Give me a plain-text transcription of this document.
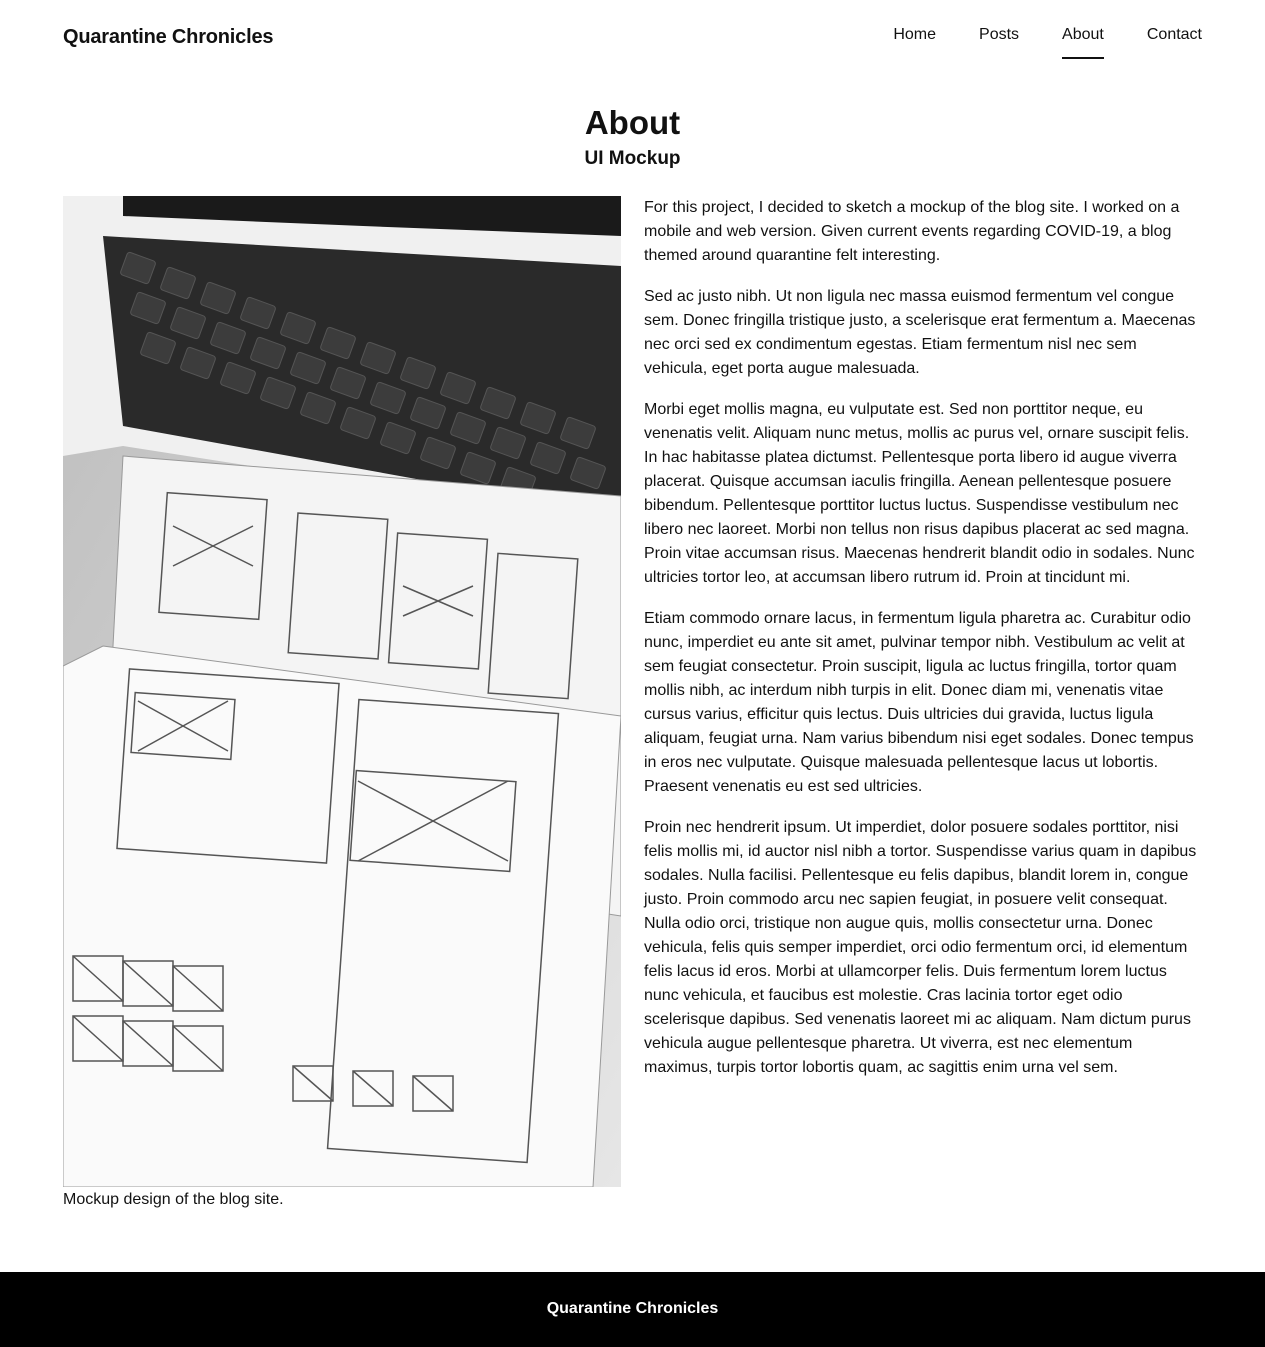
Quarantine Chronicles	Home	Posts	About	Contact
About
UI Mockup
Mockup design of the blog site.

For this project, I decided to sketch a mockup of the blog site. I worked on a mobile and web version. Given current events regarding COVID-19, a blog themed around quarantine felt interesting.

Sed ac justo nibh. Ut non ligula nec massa euismod fermentum vel congue sem. Donec fringilla tristique justo, a scelerisque erat fermentum a. Maecenas nec orci sed ex condimentum egestas. Etiam fermentum nisl nec sem vehicula, eget porta augue malesuada.

Morbi eget mollis magna, eu vulputate est. Sed non porttitor neque, eu venenatis velit. Aliquam nunc metus, mollis ac purus vel, ornare suscipit felis. In hac habitasse platea dictumst. Pellentesque porta libero id augue viverra placerat. Quisque accumsan iaculis fringilla. Aenean pellentesque posuere bibendum. Pellentesque porttitor luctus luctus. Suspendisse vestibulum nec libero nec laoreet. Morbi non tellus non risus dapibus placerat ac sed magna. Proin vitae accumsan risus. Maecenas hendrerit blandit odio in sodales. Nunc ultricies tortor leo, at accumsan libero rutrum id. Proin at tincidunt mi.

Etiam commodo ornare lacus, in fermentum ligula pharetra ac. Curabitur odio nunc, imperdiet eu ante sit amet, pulvinar tempor nibh. Vestibulum ac velit at sem feugiat consectetur. Proin suscipit, ligula ac luctus fringilla, tortor quam mollis nibh, ac interdum nibh turpis in elit. Donec diam mi, venenatis vitae cursus varius, efficitur quis lectus. Duis ultricies dui gravida, luctus ligula aliquam, feugiat urna. Nam varius bibendum nisi eget sodales. Donec tempus in eros nec vulputate. Quisque malesuada pellentesque lacus ut lobortis. Praesent venenatis eu est sed ultricies.

Proin nec hendrerit ipsum. Ut imperdiet, dolor posuere sodales porttitor, nisi felis mollis mi, id auctor nisl nibh a tortor. Suspendisse varius quam in dapibus sodales. Nulla facilisi. Pellentesque eu felis dapibus, blandit lorem in, congue justo. Proin commodo arcu nec sapien feugiat, in posuere velit consequat. Nulla odio orci, tristique non augue quis, mollis consectetur urna. Donec vehicula, felis quis semper imperdiet, orci odio fermentum orci, id elementum felis lacus id eros. Morbi at ullamcorper felis. Duis fermentum lorem luctus nunc vehicula, et faucibus est molestie. Cras lacinia tortor eget odio scelerisque dapibus. Sed venenatis laoreet mi ac aliquam. Nam dictum purus vehicula augue pellentesque pharetra. Ut viverra, est nec elementum maximus, turpis tortor lobortis quam, ac sagittis enim urna vel sem.

Quarantine Chronicles
